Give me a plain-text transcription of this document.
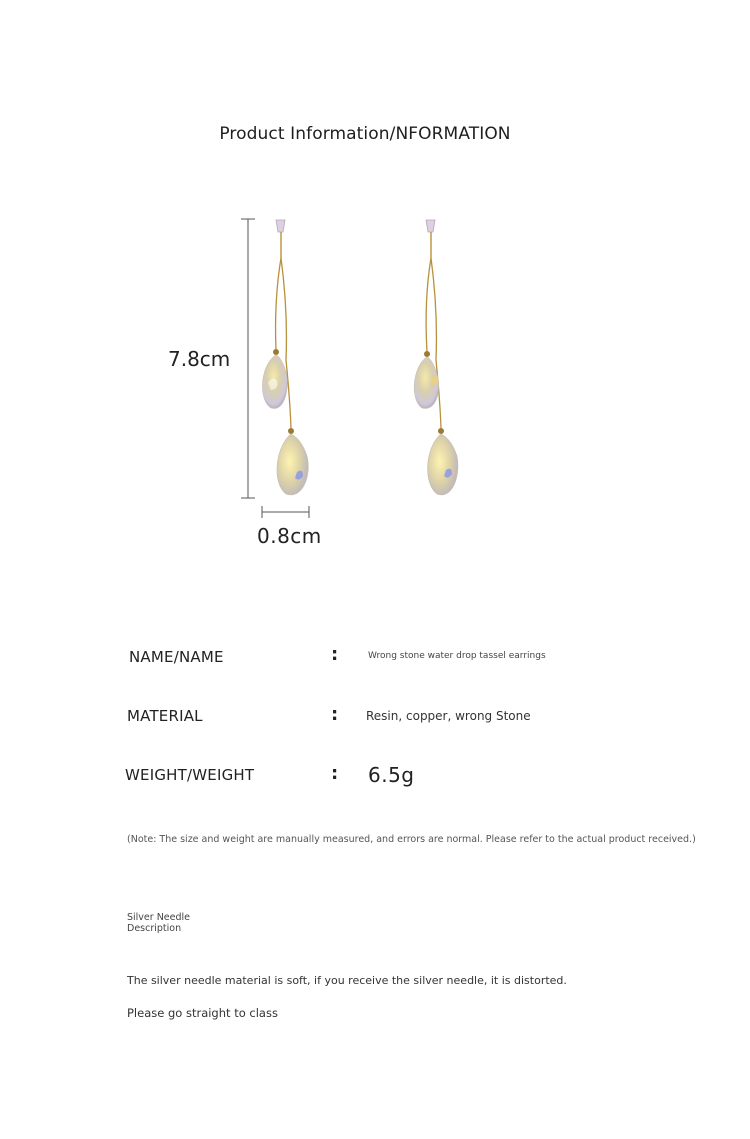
Product Information/NFORMATION
7.8cm
0.8cm
NAME/NAME	:	Wrong stone water drop tassel earrings
MATERIAL	: Resin, copper, wrong Stone
WEIGHT/WEIGHT	: 6.5g
(Note: The size and weight are manually measured, and errors are normal. Please refer to the actual product received.)
Silver Needle
Description
The silver needle material is soft, if you receive the silver needle, it is distorted.
Please go straight to class
